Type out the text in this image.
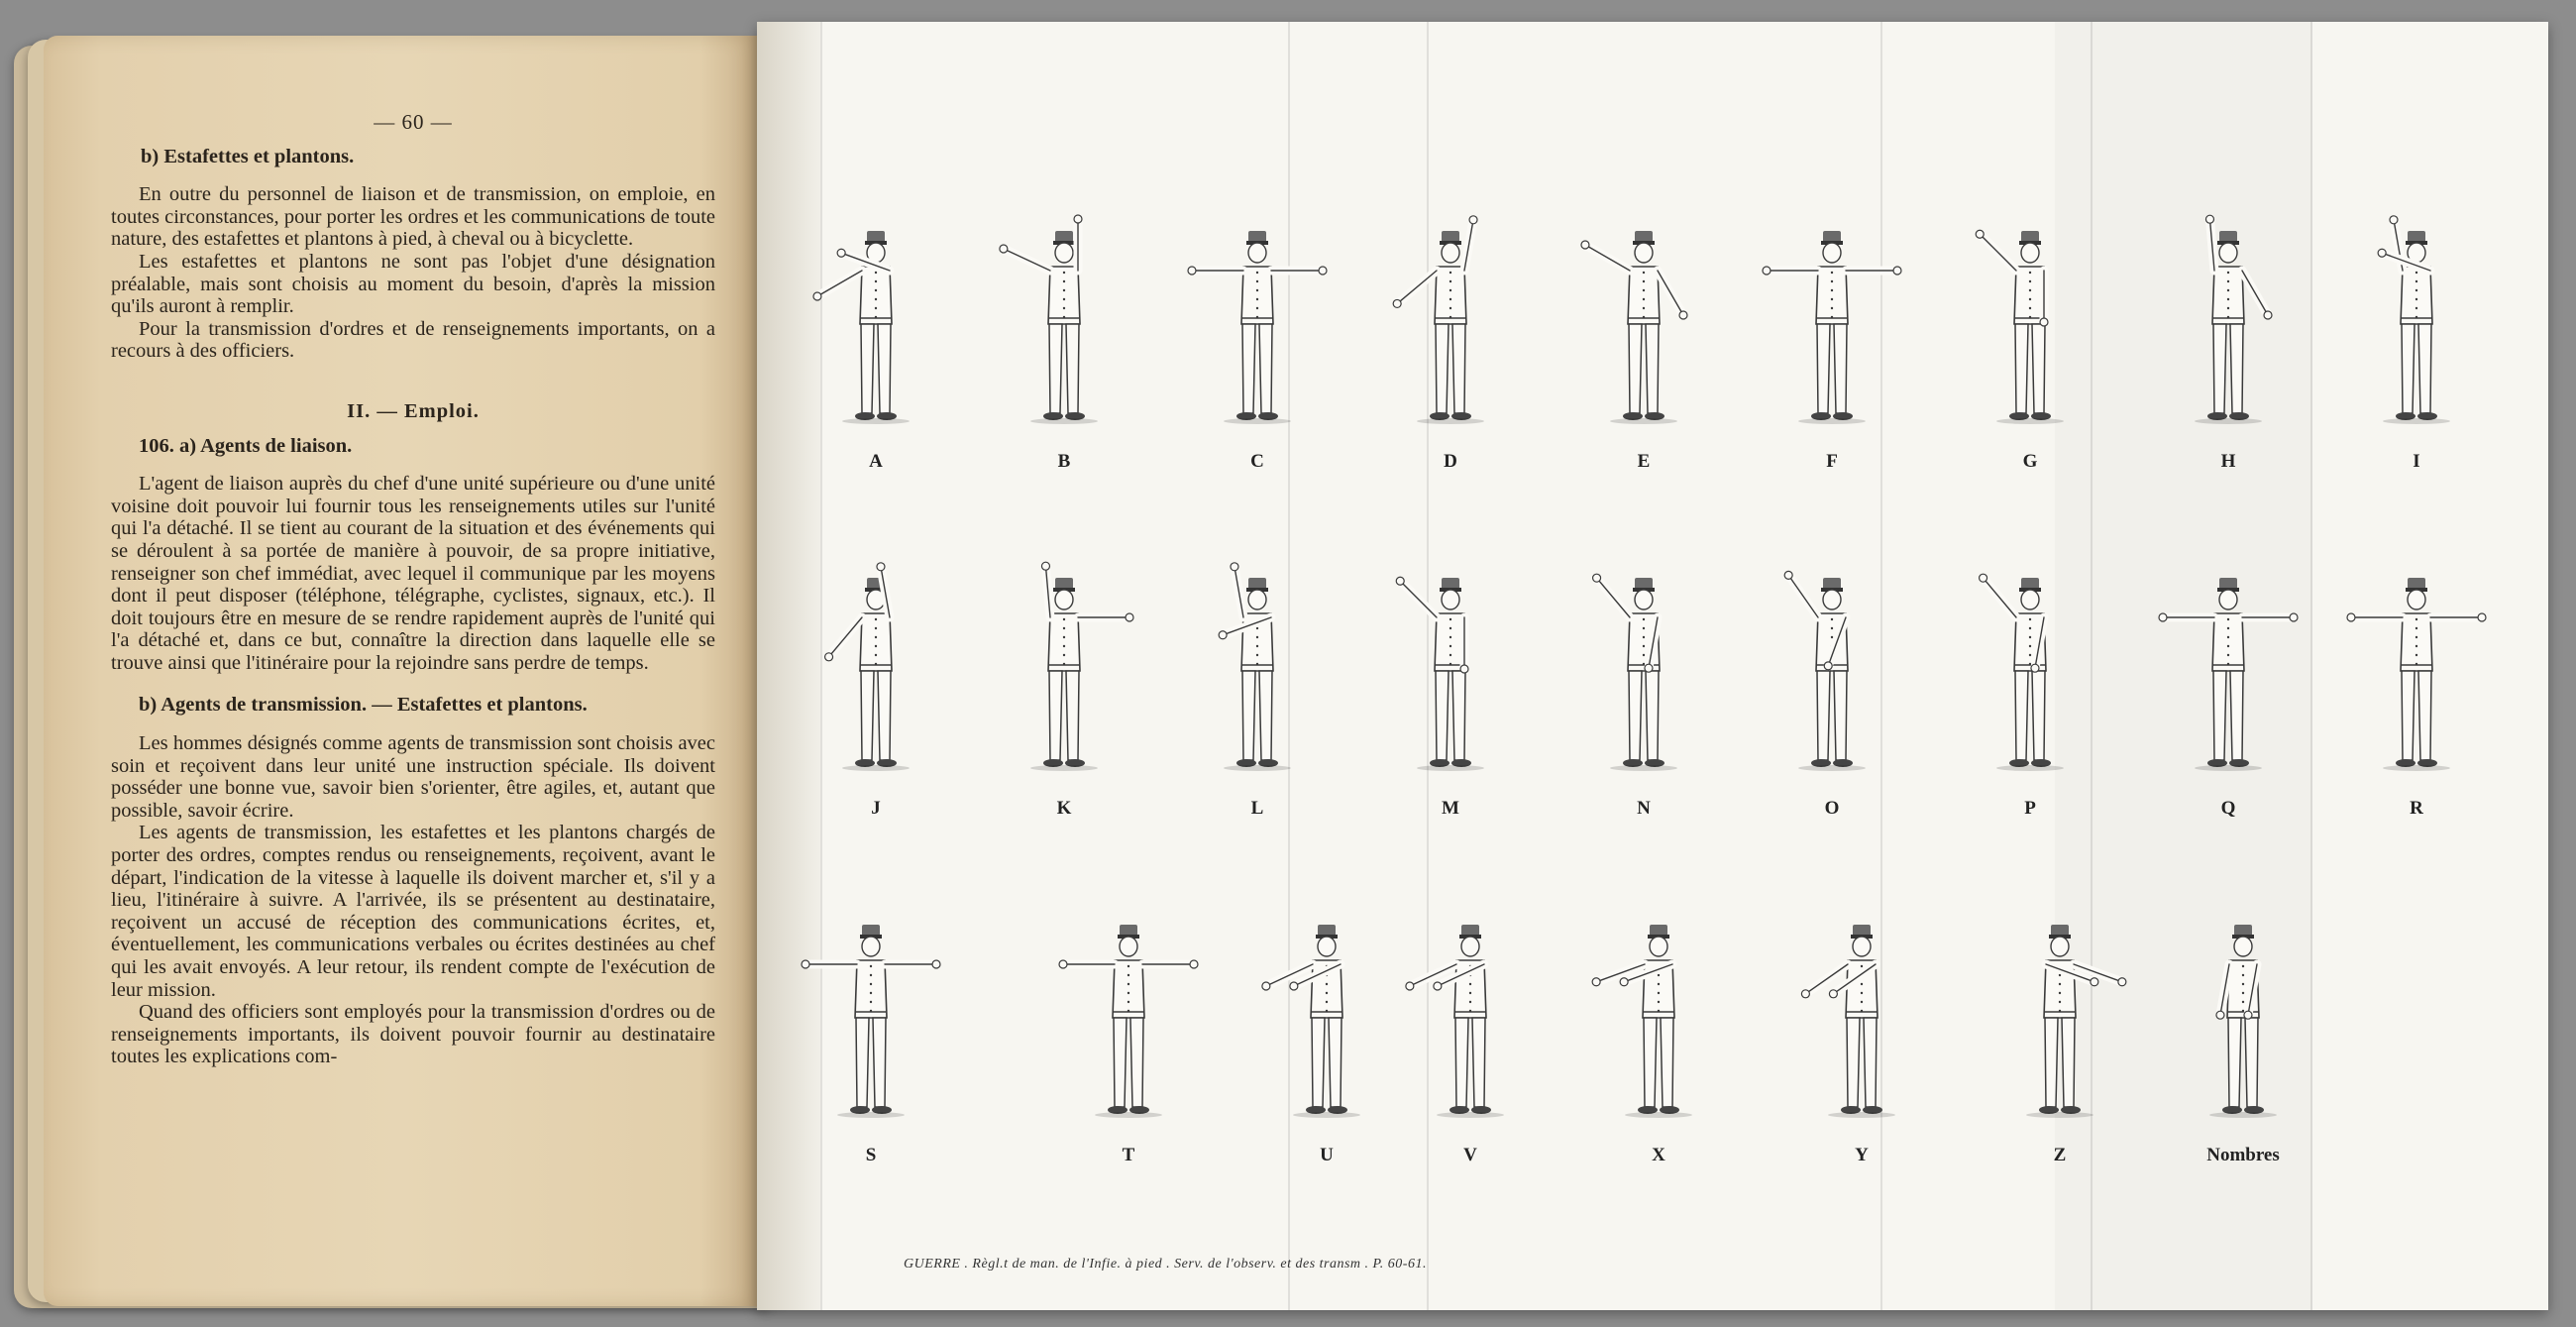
— 60 —
b) Estafettes et plantons.

En outre du personnel de liaison et de transmission, on emploie, en toutes circonstances, pour porter les ordres et les communications de toute nature, des estafettes et plantons à pied, à cheval ou à bicyclette.

Les estafettes et plantons ne sont pas l'objet d'une désignation préalable, mais sont choisis au moment du besoin, d'après la mission qu'ils auront à remplir.

Pour la transmission d'ordres et de renseignements importants, on a recours à des officiers.

II. — Emploi.
106. a) Agents de liaison.

L'agent de liaison auprès du chef d'une unité supérieure ou d'une unité voisine doit pouvoir lui fournir tous les renseignements utiles sur l'unité qui l'a détaché. Il se tient au courant de la situation et des événements qui se déroulent à sa portée de manière à pouvoir, de sa propre initiative, renseigner son chef immédiat, avec lequel il communique par les moyens dont il peut disposer (téléphone, télégraphe, cyclistes, signaux, etc.). Il doit toujours être en mesure de se rendre rapidement auprès de l'unité qui l'a détaché et, dans ce but, connaître la direction dans laquelle elle se trouve ainsi que l'itinéraire pour la rejoindre sans perdre de temps.

b) Agents de transmission. — Estafettes et plantons.

Les hommes désignés comme agents de transmission sont choisis avec soin et reçoivent dans leur unité une instruction spéciale. Ils doivent posséder une bonne vue, savoir bien s'orienter, être agiles, et, autant que possible, savoir écrire.

Les agents de transmission, les estafettes et les plantons chargés de porter des ordres, comptes rendus ou renseignements, reçoivent, avant le départ, l'indication de la vitesse à laquelle ils doivent marcher et, s'il y a lieu, l'itinéraire à suivre. A l'arrivée, ils se présentent au destinataire, reçoivent un accusé de réception des communications écrites, et, éventuellement, les communications verbales ou écrites destinées au chef qui les avait envoyés. A leur retour, ils rendent compte de l'exécution de leur mission.

Quand des officiers sont employés pour la transmission d'ordres ou de renseignements importants, ils doivent pouvoir fournir au destinataire toutes les explications com-

A	B	C	D	E	F	G	H	I
J	K	L	M	N	O	P	Q	R
S	T	U	V	X	Y	Z	Nombres
GUERRE . Règl.t de man. de l'Infie. à pied . Serv. de l'observ. et des transm . P. 60-61.
